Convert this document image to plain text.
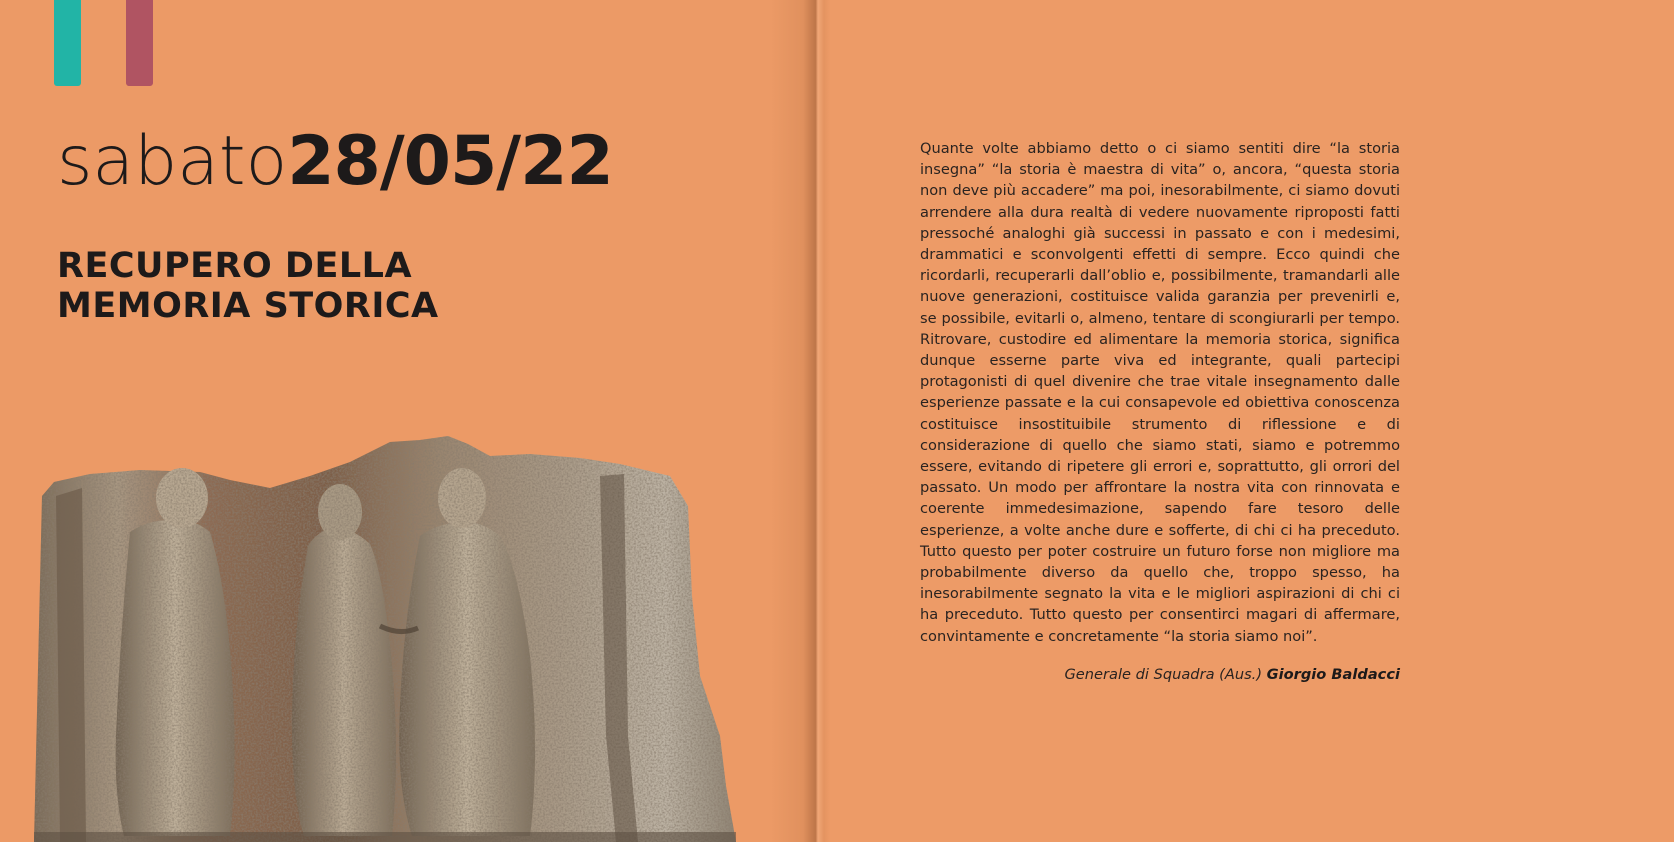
sabato28/05/22
RECUPERO DELLA
MEMORIA STORICA

Quante volte abbiamo detto o ci siamo sentiti dire “la storia insegna” “la storia è maestra di vita” o, ancora, “questa storia non deve più accadere” ma poi, inesorabilmente, ci siamo dovuti arrendere alla dura realtà di vedere nuovamente riproposti fatti pressoché analoghi già successi in passato e con i medesimi, drammatici e sconvolgenti effetti di sempre. Ecco quindi che ricordarli, recuperarli dall’oblio e, possibilmente, tramandarli alle nuove generazioni, costituisce valida garanzia per prevenirli e, se possibile, evitarli o, almeno, tentare di scongiurarli per tempo. Ritrovare, custodire ed alimentare la memoria storica, significa dunque esserne parte viva ed integrante, quali partecipi protagonisti di quel divenire che trae vitale insegnamento dalle esperienze passate e la cui consapevole ed obiettiva conoscenza costituisce insostituibile strumento di riflessione e di considerazione di quello che siamo stati, siamo e potremmo essere, evitando di ripetere gli errori e, soprattutto, gli orrori del passato. Un modo per affrontare la nostra vita con rinnovata e coerente immedesimazione, sapendo fare tesoro delle esperienze, a volte anche dure e sofferte, di chi ci ha preceduto. Tutto questo per poter costruire un futuro forse non migliore ma probabilmente diverso da quello che, troppo spesso, ha inesorabilmente segnato la vita e le migliori aspirazioni di chi ci ha preceduto. Tutto questo per consentirci magari di affermare, convintamente e concretamente “la storia siamo noi”.

Generale di Squadra (Aus.) Giorgio Baldacci
